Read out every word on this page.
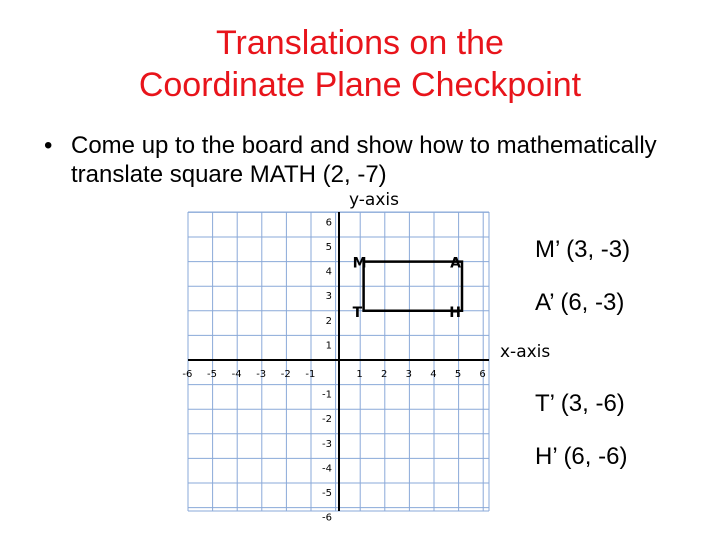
Translations on the
Coordinate Plane Checkpoint
• Come up to the board and show how to mathematically translate square MATH (2, -7)
-6 -5 -4 -3 -2 -1	1 2 3 4 5 6
6
5
4
3
2
1
-1
-2
-3
-4
-5
-6
y-axis
x-axis
M	A
H
T
M’ (3, -3)
A’ (6, -3)
T’ (3, -6)
H’ (6, -6)
